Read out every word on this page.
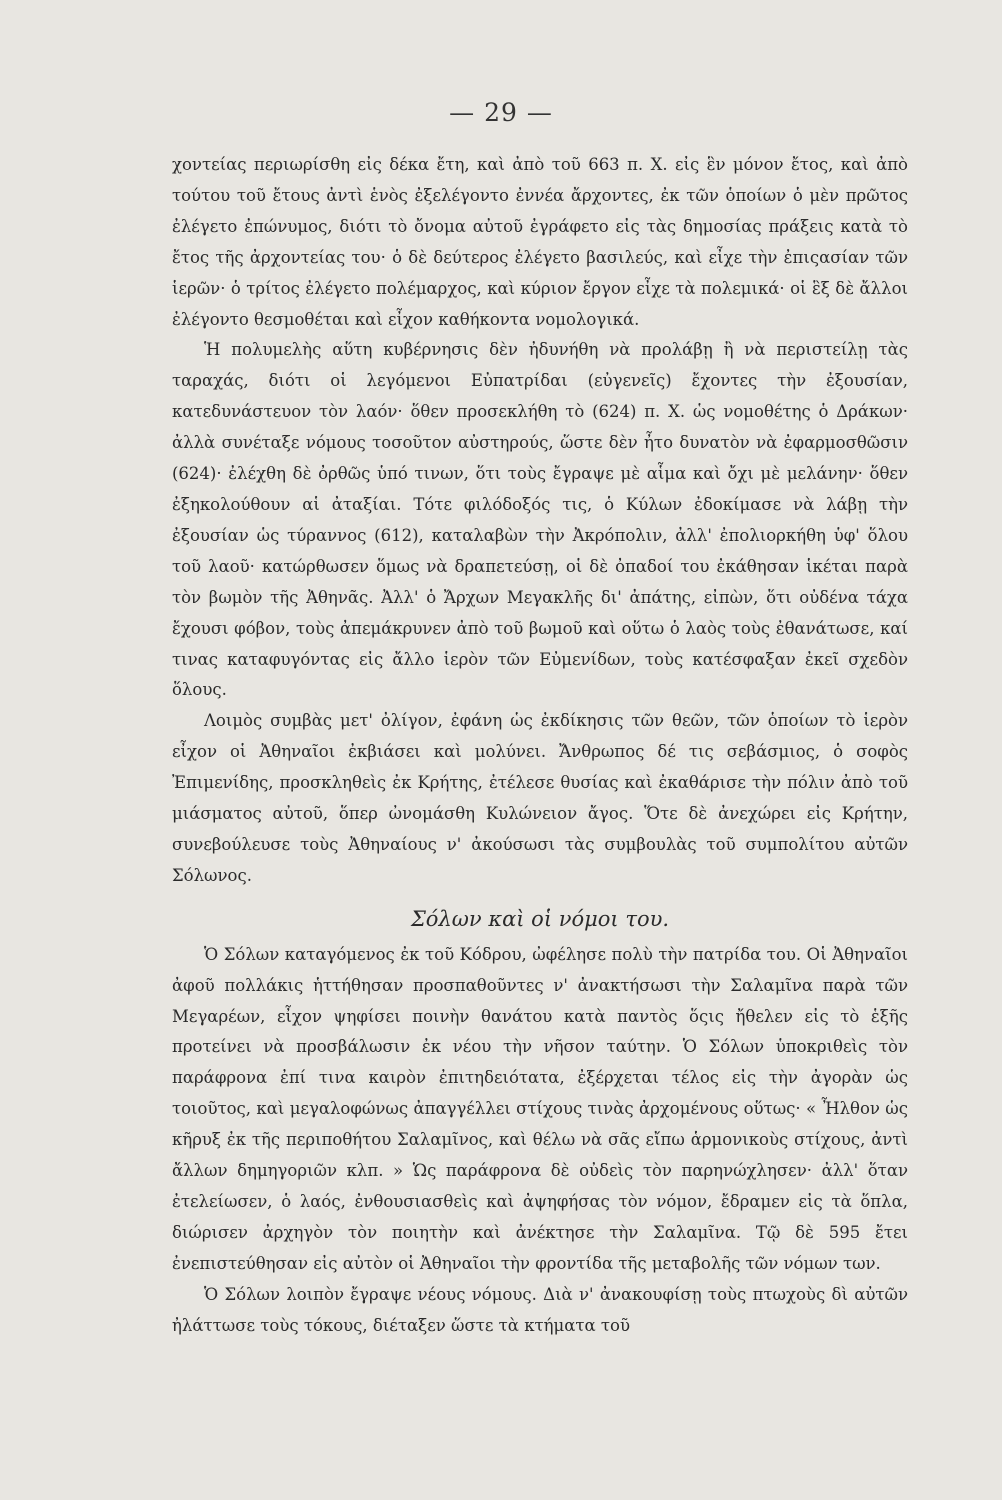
— 29 —

χοντείας περιωρίσθη εἰς δέκα ἔτη, καὶ ἀπὸ τοῦ 663 π. Χ. εἰς ἓν μόνον ἔτος, καὶ ἀπὸ τούτου τοῦ ἔτους ἀντὶ ἑνὸς ἐξελέγοντο ἐννέα ἄρχοντες, ἐκ τῶν ὁποίων ὁ μὲν πρῶτος ἐλέγετο ἐπώνυμος, διότι τὸ ὄνομα αὐτοῦ ἐγράφετο εἰς τὰς δημοσίας πράξεις κατὰ τὸ ἔτος τῆς ἀρχοντείας του· ὁ δὲ δεύτερος ἐλέγετο βασιλεύς, καὶ εἶχε τὴν ἐπιςασίαν τῶν ἱερῶν· ὁ τρίτος ἐλέγετο πολέμαρχος, καὶ κύριον ἔργον εἶχε τὰ πολεμικά· οἱ ἓξ δὲ ἄλλοι ἐλέγοντο θεσμοθέται καὶ εἶχον καθήκοντα νομολογικά.

Ἡ πολυμελὴς αὕτη κυβέρνησις δὲν ἠδυνήθη νὰ προλάβῃ ἢ νὰ περιστείλῃ τὰς ταραχάς, διότι οἱ λεγόμενοι Εὐπατρίδαι (εὐγενεῖς) ἔχοντες τὴν ἐξουσίαν, κατεδυνάστευον τὸν λαόν· ὅθεν προσεκλήθη τὸ (624) π. Χ. ὡς νομοθέτης ὁ Δράκων· ἀλλὰ συνέταξε νόμους τοσοῦτον αὐστηρούς, ὥστε δὲν ἦτο δυνατὸν νὰ ἐφαρμοσθῶσιν (624)· ἐλέχθη δὲ ὀρθῶς ὑπό τινων, ὅτι τοὺς ἔγραψε μὲ αἷμα καὶ ὄχι μὲ μελάνην· ὅθεν ἐξηκολούθουν αἱ ἀταξίαι. Τότε φιλόδοξός τις, ὁ Κύλων ἐδοκίμασε νὰ λάβῃ τὴν ἐξουσίαν ὡς τύραννος (612), καταλαβὼν τὴν Ἀκρόπολιν, ἀλλ' ἐπολιορκήθη ὑφ' ὅλου τοῦ λαοῦ· κατώρθωσεν ὅμως νὰ δραπετεύσῃ, οἱ δὲ ὀπαδοί του ἐκάθησαν ἱκέται παρὰ τὸν βωμὸν τῆς Ἀθηνᾶς. Ἀλλ' ὁ Ἄρχων Μεγακλῆς δι' ἀπάτης, εἰπὼν, ὅτι οὐδένα τάχα ἔχουσι φόβον, τοὺς ἀπεμάκρυνεν ἀπὸ τοῦ βωμοῦ καὶ οὕτω ὁ λαὸς τοὺς ἐθανάτωσε, καί τινας καταφυγόντας εἰς ἄλλο ἱερὸν τῶν Εὐμενίδων, τοὺς κατέσφαξαν ἐκεῖ σχεδὸν ὅλους.

Λοιμὸς συμβὰς μετ' ὀλίγον, ἐφάνη ὡς ἐκδίκησις τῶν θεῶν, τῶν ὁποίων τὸ ἱερὸν εἶχον οἱ Ἀθηναῖοι ἐκβιάσει καὶ μολύνει. Ἄνθρωπος δέ τις σεβάσμιος, ὁ σοφὸς Ἐπιμενίδης, προσκληθεὶς ἐκ Κρήτης, ἐτέλεσε θυσίας καὶ ἐκαθάρισε τὴν πόλιν ἀπὸ τοῦ μιάσματος αὐτοῦ, ὅπερ ὠνομάσθη Κυλώνειον ἄγος. Ὅτε δὲ ἀνεχώρει εἰς Κρήτην, συνεβούλευσε τοὺς Ἀθηναίους ν' ἀκούσωσι τὰς συμβουλὰς τοῦ συμπολίτου αὐτῶν Σόλωνος.

Σόλων καὶ οἱ νόμοι του.

Ὁ Σόλων καταγόμενος ἐκ τοῦ Κόδρου, ὠφέλησε πολὺ τὴν πατρίδα του. Οἱ Ἀθηναῖοι ἀφοῦ πολλάκις ἡττήθησαν προσπαθοῦντες ν' ἀνακτήσωσι τὴν Σαλαμῖνα παρὰ τῶν Μεγαρέων, εἶχον ψηφίσει ποινὴν θανάτου κατὰ παντὸς ὅςις ἤθελεν εἰς τὸ ἑξῆς προτείνει νὰ προσβάλωσιν ἐκ νέου τὴν νῆσον ταύτην. Ὁ Σόλων ὑποκριθεὶς τὸν παράφρονα ἐπί τινα καιρὸν ἐπιτηδειότατα, ἐξέρχεται τέλος εἰς τὴν ἀγορὰν ὡς τοιοῦτος, καὶ μεγαλοφώνως ἀπαγγέλλει στίχους τινὰς ἀρχομένους οὕτως· « Ἦλθον ὡς κῆρυξ ἐκ τῆς περιποθήτου Σαλαμῖνος, καὶ θέλω νὰ σᾶς εἴπω ἁρμονικοὺς στίχους, ἀντὶ ἄλλων δημηγοριῶν κλπ. » Ὡς παράφρονα δὲ οὐδεὶς τὸν παρηνώχλησεν· ἀλλ' ὅταν ἐτελείωσεν, ὁ λαός, ἐνθουσιασθεὶς καὶ ἀψηφήσας τὸν νόμον, ἔδραμεν εἰς τὰ ὅπλα, διώρισεν ἀρχηγὸν τὸν ποιητὴν καὶ ἀνέκτησε τὴν Σαλαμῖνα. Τῷ δὲ 595 ἔτει ἐνεπιστεύθησαν εἰς αὐτὸν οἱ Ἀθηναῖοι τὴν φροντίδα τῆς μεταβολῆς τῶν νόμων των.

Ὁ Σόλων λοιπὸν ἔγραψε νέους νόμους. Διὰ ν' ἀνακουφίσῃ τοὺς πτωχοὺς δὶ αὐτῶν ἠλάττωσε τοὺς τόκους, διέταξεν ὥστε τὰ κτήματα τοῦ
